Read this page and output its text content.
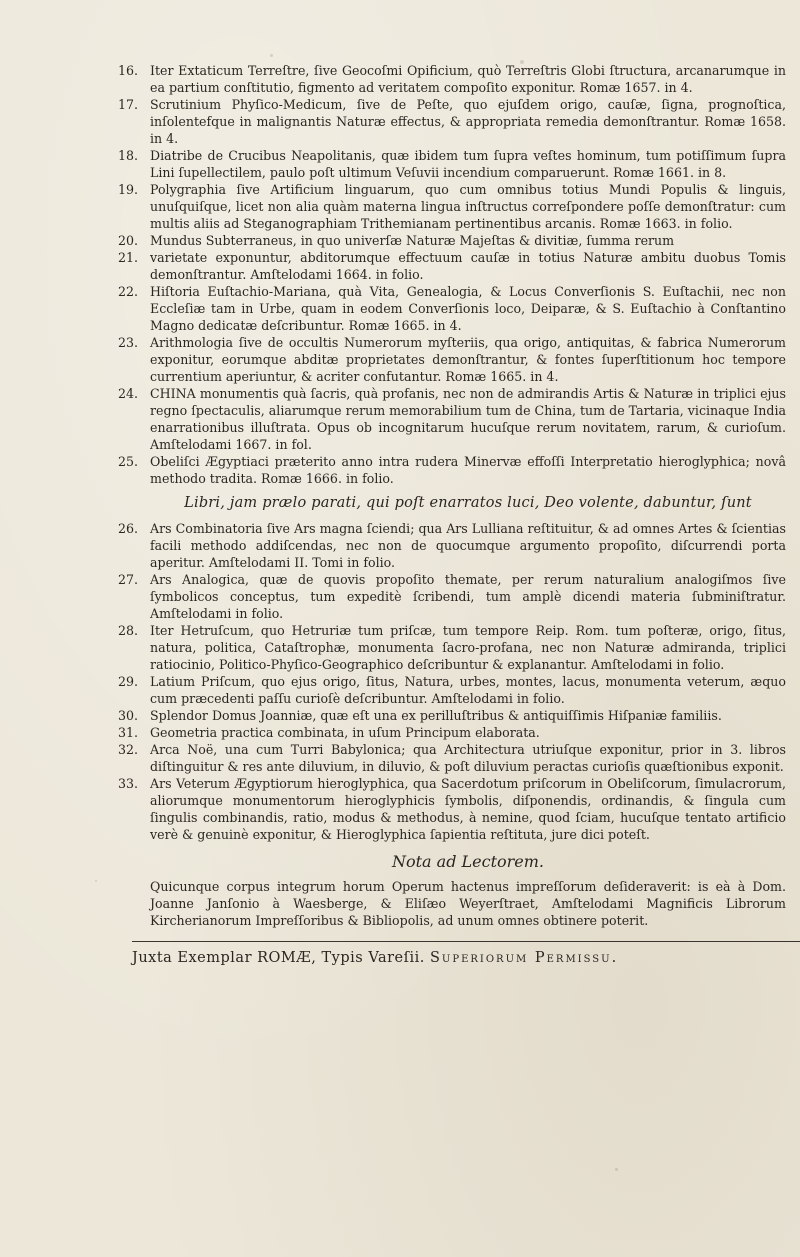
16. Iter Extaticum Terreſtre, ſive Geocoſmi Opificium, quò Terreſtris Globi ſtructura, arcanarumque in ea partium conſtitutio, figmento ad veritatem compoſito exponitur. Romæ 1657. in 4.
17. Scrutinium Phyſico-Medicum, ſive de Peſte, quo ejuſdem origo, cauſæ, ſigna, prognoſtica, inſolentefque in malignantis Naturæ effectus, & appropriata remedia demonſtrantur. Romæ 1658. in 4.
18. Diatribe de Crucibus Neapolitanis, quæ ibidem tum ſupra veſtes hominum, tum potiſſimum ſupra Lini ſupellectilem, paulo poſt ultimum Veſuvii incendium comparuerunt. Romæ 1661. in 8.
19. Polygraphia ſive Artificium linguarum, quo cum omnibus totius Mundi Populis & linguis, unuſquiſque, licet non alia quàm materna lingua inſtructus correſpondere poſſe demonſtratur: cum multis aliis ad Steganographiam Trithemianam pertinentibus arcanis. Romæ 1663. in folio.
20. Mundus Subterraneus, in quo univerſæ Naturæ Majeſtas & divitiæ, ſumma rerum
21. varietate exponuntur, abditorumque effectuum cauſæ in totius Naturæ ambitu duobus Tomis demonſtrantur. Amſtelodami 1664. in folio.
22. Hiſtoria Euſtachio-Mariana, quà Vita, Genealogia, & Locus Converſionis S. Euſtachii, nec non Eccleſiæ tam in Urbe, quam in eodem Converſionis loco, Deiparæ, & S. Euſtachio à Conſtantino Magno dedicatæ deſcribuntur. Romæ 1665. in 4.
23. Arithmologia ſive de occultis Numerorum myſteriis, qua origo, antiquitas, & fabrica Numerorum exponitur, eorumque abditæ proprietates demonſtrantur, & fontes ſuperſtitionum hoc tempore currentium aperiuntur, & acriter confutantur. Romæ 1665. in 4.
24. CHINA monumentis quà ſacris, quà profanis, nec non de admirandis Artis & Naturæ in triplici ejus regno ſpectaculis, aliarumque rerum memorabilium tum de China, tum de Tartaria, vicinaque India enarrationibus illuſtrata. Opus ob incognitarum hucuſque rerum novitatem, rarum, & curioſum. Amſtelodami 1667. in fol.
25. Obeliſci Ægyptiaci præterito anno intra rudera Minervæ effoſſi Interpretatio hieroglyphica; novâ methodo tradita. Romæ 1666. in folio.
Libri, jam prælo parati, qui poſt enarratos luci, Deo volente, dabuntur, ſunt
26. Ars Combinatoria ſive Ars magna ſciendi; qua Ars Lulliana reſtituitur, & ad omnes Artes & ſcientias facili methodo addiſcendas, nec non de quocumque argumento propoſito, diſcurrendi porta aperitur. Amſtelodami II. Tomi in folio.
27. Ars Analogica, quæ de quovis propoſito themate, per rerum naturalium analogiſmos ſive ſymbolicos conceptus, tum expeditè ſcribendi, tum amplè dicendi materia ſubminiſtratur. Amſtelodami in folio.
28. Iter Hetruſcum, quo Hetruriæ tum priſcæ, tum tempore Reip. Rom. tum poſteræ, origo, ſitus, natura, politica, Cataſtrophæ, monumenta ſacro-profana, nec non Naturæ admiranda, triplici ratiocinio, Politico-Phyſico-Geographico deſcribuntur & explanantur. Amſtelodami in folio.
29. Latium Priſcum, quo ejus origo, ſitus, Natura, urbes, montes, lacus, monumenta veterum, æquo cum præcedenti paſſu curioſè deſcribuntur. Amſtelodami in folio.
30. Splendor Domus Joanniæ, quæ eſt una ex perilluſtribus & antiquiſſimis Hiſpaniæ familiis.
31. Geometria practica combinata, in uſum Principum elaborata.
32. Arca Noë, una cum Turri Babylonica; qua Architectura utriuſque exponitur, prior in 3. libros diſtinguitur & res ante diluvium, in diluvio, & poſt diluvium peractas curioſis quæſtionibus exponit.
33. Ars Veterum Ægyptiorum hieroglyphica, qua Sacerdotum priſcorum in Obeliſcorum, ſimulacrorum, aliorumque monumentorum hieroglyphicis ſymbolis, diſponendis, ordinandis, & ſingula cum ſingulis combinandis, ratio, modus & methodus, à nemine, quod ſciam, hucuſque tentato artificio verè & genuinè exponitur, & Hieroglyphica ſapientia reſtituta, jure dici poteſt.
Nota ad Lectorem.
Quicunque corpus integrum horum Operum hactenus impreſſorum deſideraverit: is eà à Dom. Joanne Janſonio à Waesberge, & Eliſæo Weyerſtraet, Amſtelodami Magnificis Librorum Kircherianorum Impreſſoribus & Bibliopolis, ad unum omnes obtinere poterit.
Juxta Exemplar ROMÆ, Typis Vareſii. Superiorum Permissu.
